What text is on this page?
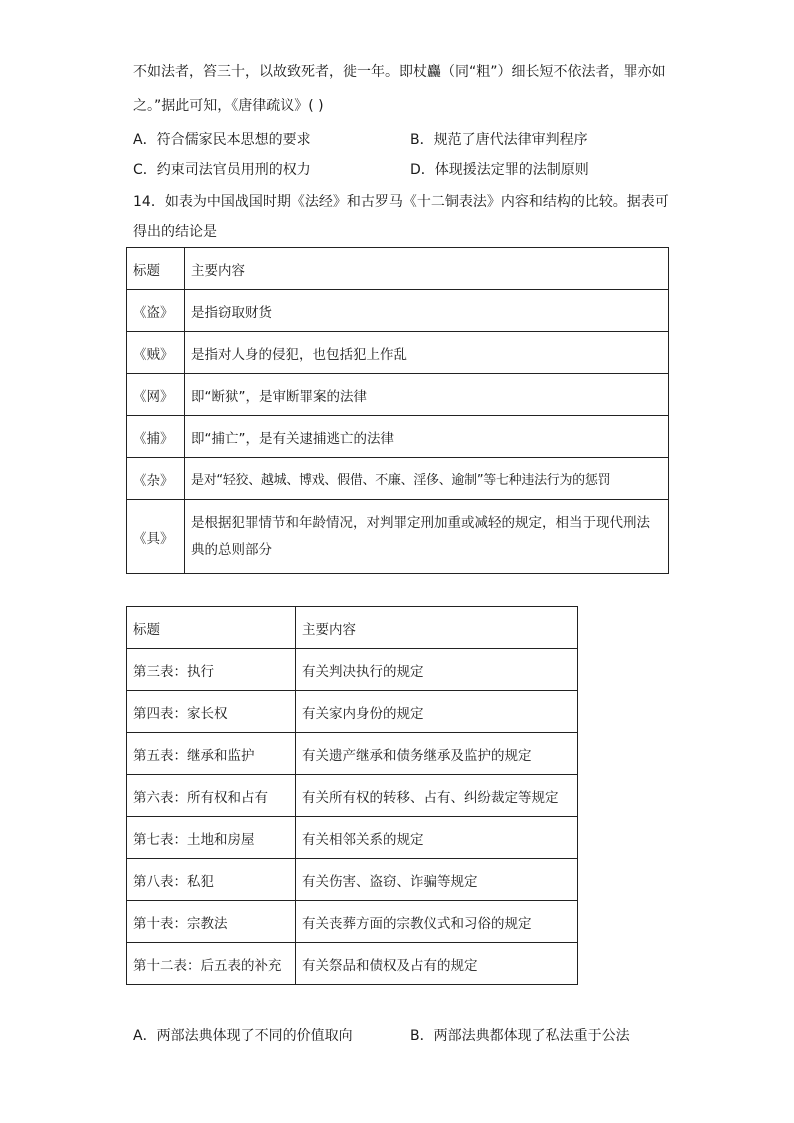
不如法者，笞三十，以故致死者，徙一年。即杖麤（同“粗”）细长短不依法者，罪亦如
之。”据此可知，《唐律疏议》( )
A．符合儒家民本思想的要求	B．规范了唐代法律审判程序
C．约束司法官员用刑的权力	D．体现援法定罪的法制原则
14．如表为中国战国时期《法经》和古罗马《十二铜表法》内容和结构的比较。据表可
得出的结论是
标题	主要内容
《盗》	是指窃取财货
《贼》	是指对人身的侵犯，也包括犯上作乱
《网》	即“断狱”，是审断罪案的法律
《捕》	即“捕亡”，是有关逮捕逃亡的法律
《杂》	是对“轻狡、越城、博戏、假借、不廉、淫侈、逾制”等七种违法行为的惩罚
《具》	是根据犯罪情节和年龄情况，对判罪定刑加重或减轻的规定，相当于现代刑法典的总则部分
标题	主要内容
第三表：执行	有关判决执行的规定
第四表：家长权	有关家内身份的规定
第五表：继承和监护	有关遗产继承和债务继承及监护的规定
第六表：所有权和占有	有关所有权的转移、占有、纠纷裁定等规定
第七表：土地和房屋	有关相邻关系的规定
第八表：私犯	有关伤害、盗窃、诈骗等规定
第十表：宗教法	有关丧葬方面的宗教仪式和习俗的规定
第十二表：后五表的补充	有关祭品和债权及占有的规定
A．两部法典体现了不同的价值取向	B．两部法典都体现了私法重于公法
